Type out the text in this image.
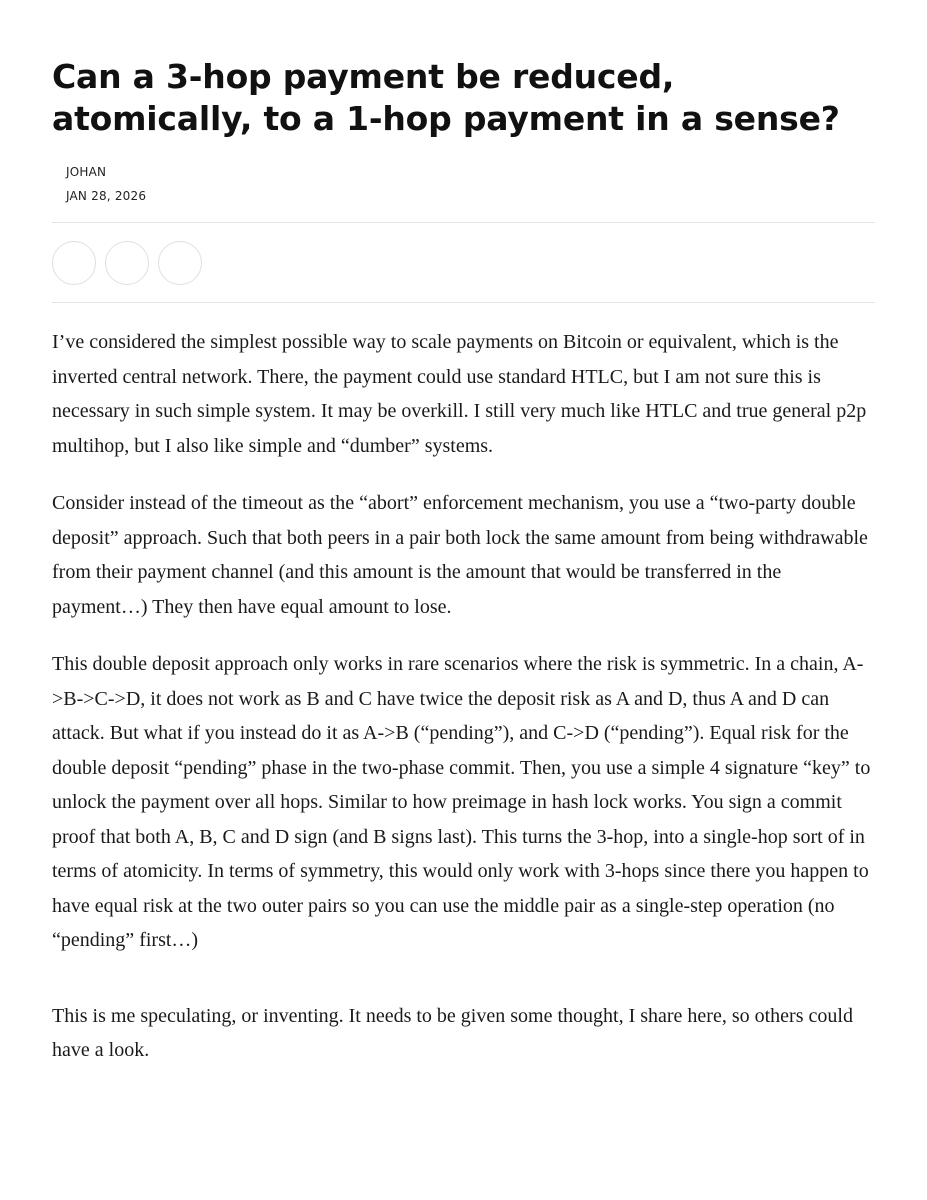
Can a 3-hop payment be reduced, atomically, to a 1-hop payment in a sense?
JOHAN
JAN 28, 2026

I’ve considered the simplest possible way to scale payments on Bitcoin or equivalent, which is the inverted central network. There, the payment could use standard HTLC, but I am not sure this is necessary in such simple system. It may be overkill. I still very much like HTLC and true general p2p multihop, but I also like simple and “dumber” systems.

Consider instead of the timeout as the “abort” enforcement mechanism, you use a “two-party double deposit” approach. Such that both peers in a pair both lock the same amount from being withdrawable from their payment channel (and this amount is the amount that would be transferred in the payment…) They then have equal amount to lose.

This double deposit approach only works in rare scenarios where the risk is symmetric. In a chain, A->B->C->D, it does not work as B and C have twice the deposit risk as A and D, thus A and D can attack. But what if you instead do it as A->B (“pending”), and C->D (“pending”). Equal risk for the double deposit “pending” phase in the two-phase commit. Then, you use a simple 4 signature “key” to unlock the payment over all hops. Similar to how preimage in hash lock works. You sign a commit proof that both A, B, C and D sign (and B signs last). This turns the 3-hop, into a single-hop sort of in terms of atomicity. In terms of symmetry, this would only work with 3-hops since there you happen to have equal risk at the two outer pairs so you can use the middle pair as a single-step operation (no “pending” first…)

This is me speculating, or inventing. It needs to be given some thought, I share here, so others could have a look.
